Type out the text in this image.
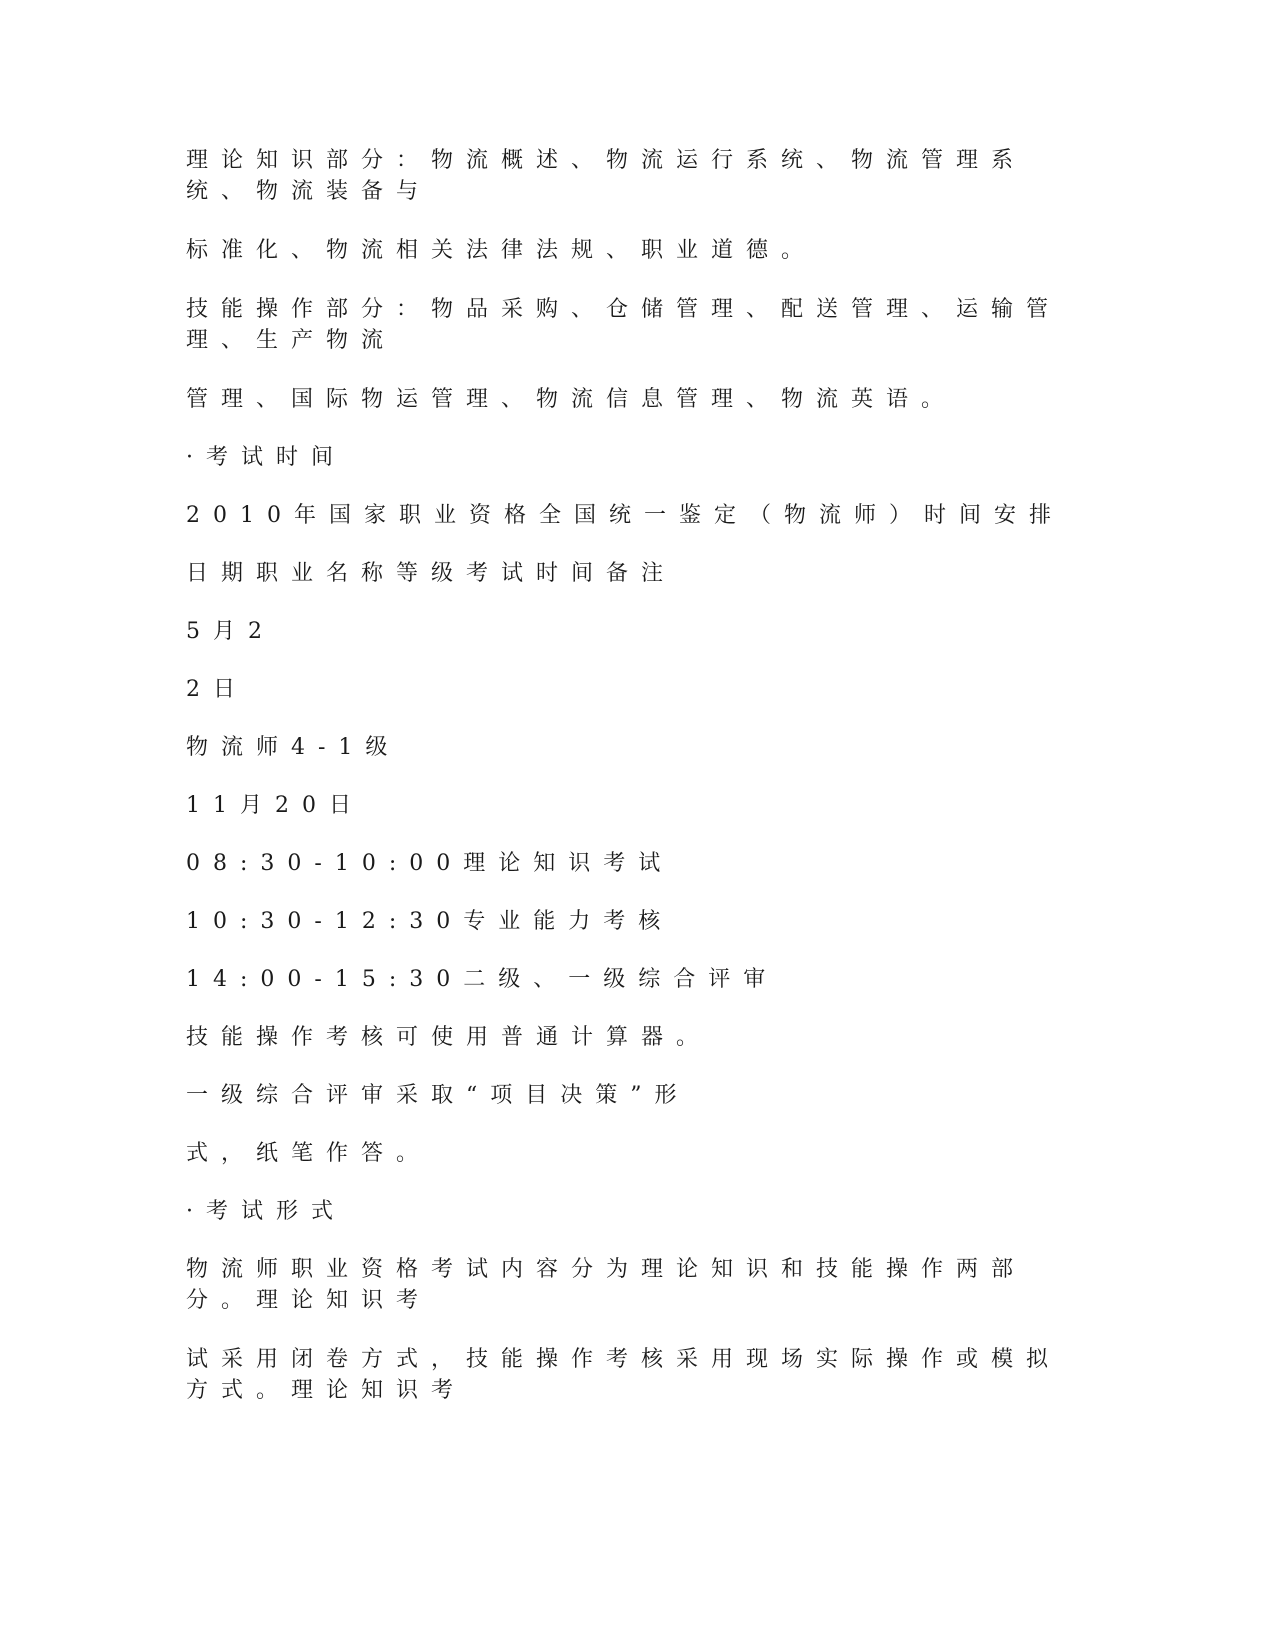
理论知识部分：物流概述、物流运行系统、物流管理系统、物流装备与

标准化、物流相关法律法规、职业道德。

技能操作部分：物品采购、仓储管理、配送管理、运输管理、生产物流

管理、国际物运管理、物流信息管理、物流英语。

·考试时间

2010年国家职业资格全国统一鉴定（物流师）时间安排

日期职业名称等级考试时间备注

5月2

2日

物流师4-1级

11月20日

08:30-10:00理论知识考试

10:30-12:30专业能力考核

14:00-15:30二级、一级综合评审

技能操作考核可使用普通计算器。

一级综合评审采取“项目决策”形

式，纸笔作答。

·考试形式

物流师职业资格考试内容分为理论知识和技能操作两部分。理论知识考

试采用闭卷方式，技能操作考核采用现场实际操作或模拟方式。理论知识考
